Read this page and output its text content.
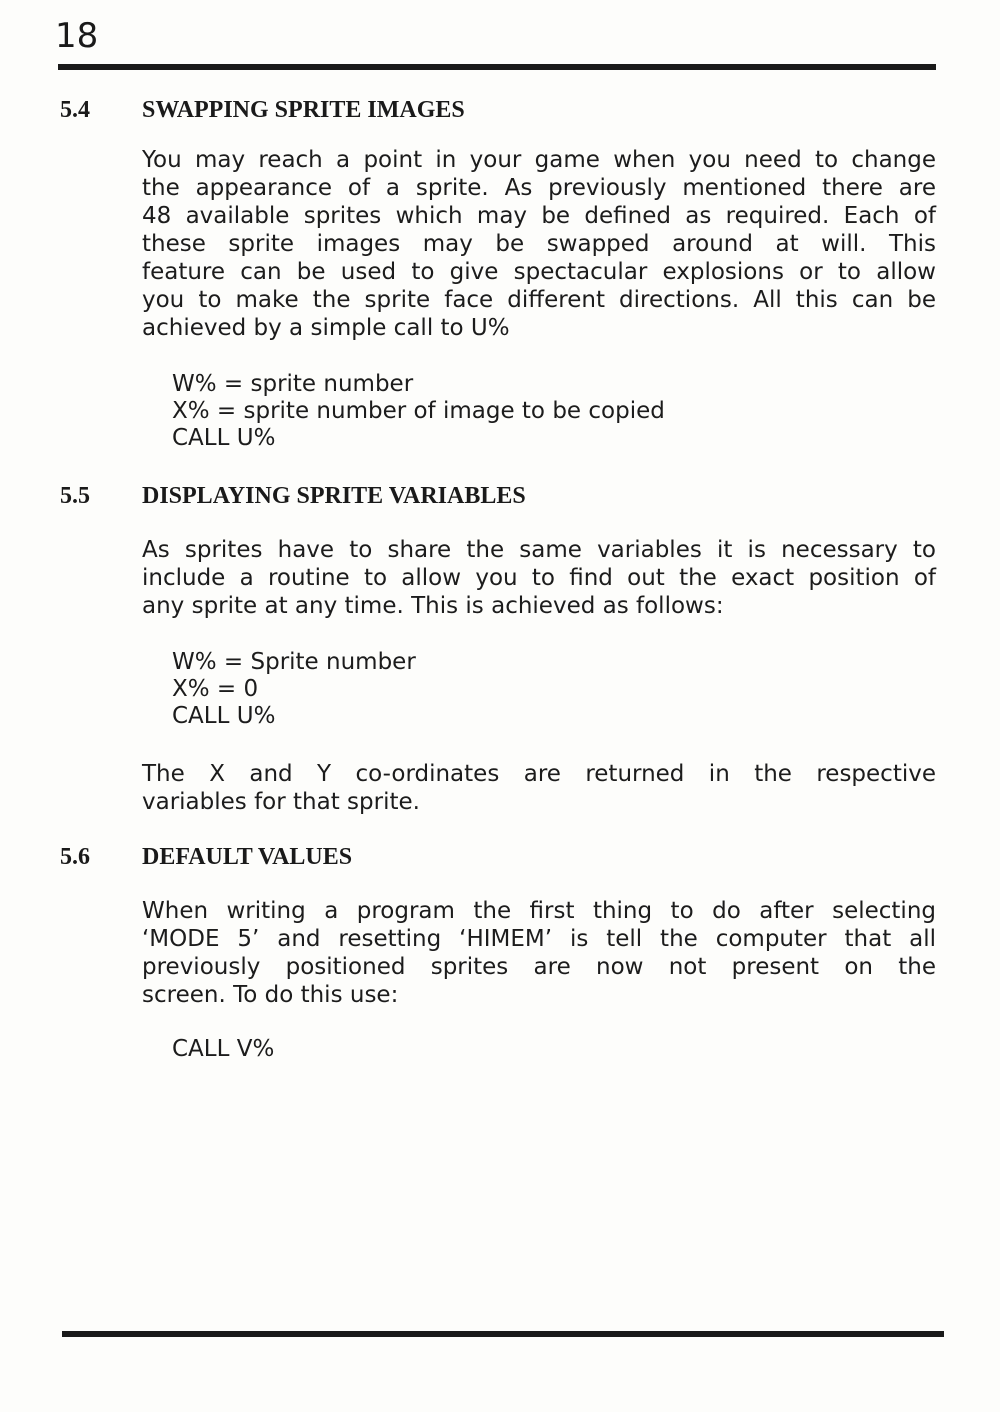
18
5.4 SWAPPING SPRITE IMAGES
You may reach a point in your game when you need to change
the appearance of a sprite. As previously mentioned there are
48 available sprites which may be defined as required. Each of
these sprite images may be swapped around at will. This
feature can be used to give spectacular explosions or to allow
you to make the sprite face different directions. All this can be
achieved by a simple call to U%
W% = sprite number
X% = sprite number of image to be copied
CALL U%
5.5 DISPLAYING SPRITE VARIABLES
As sprites have to share the same variables it is necessary to
include a routine to allow you to find out the exact position of
any sprite at any time. This is achieved as follows:
W% = Sprite number
X% = 0
CALL U%
The X and Y co-ordinates are returned in the respective
variables for that sprite.
5.6 DEFAULT VALUES
When writing a program the first thing to do after selecting
‘MODE 5’ and resetting ‘HIMEM’ is tell the computer that all
previously positioned sprites are now not present on the
screen. To do this use:
CALL V%
